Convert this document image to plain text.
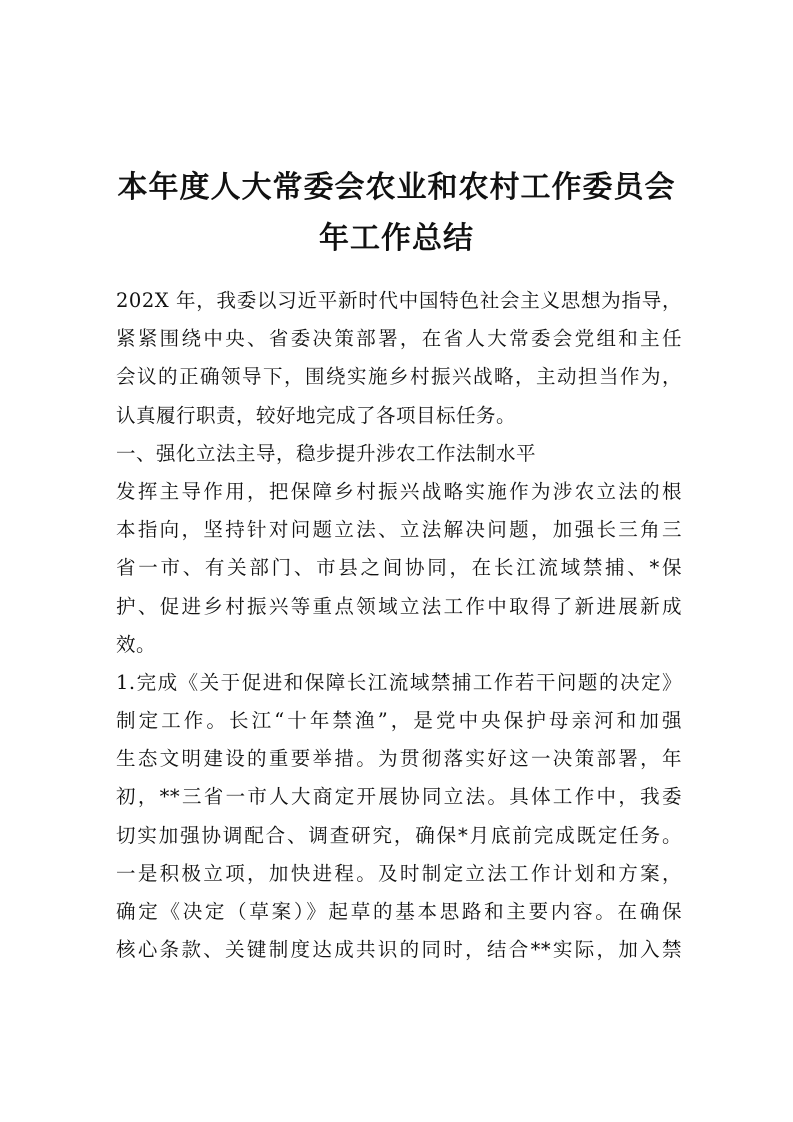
本年度人大常委会农业和农村工作委员会
年工作总结
202X 年，我委以习近平新时代中国特色社会主义思想为指导，
紧紧围绕中央、省委决策部署，在省人大常委会党组和主任
会议的正确领导下，围绕实施乡村振兴战略，主动担当作为，
认真履行职责，较好地完成了各项目标任务。
一、强化立法主导，稳步提升涉农工作法制水平
发挥主导作用，把保障乡村振兴战略实施作为涉农立法的根
本指向，坚持针对问题立法、立法解决问题，加强长三角三
省一市、有关部门、市县之间协同，在长江流域禁捕、*保
护、促进乡村振兴等重点领域立法工作中取得了新进展新成
效。
1.完成《关于促进和保障长江流域禁捕工作若干问题的决定》
制定工作。长江“十年禁渔”，是党中央保护母亲河和加强
生态文明建设的重要举措。为贯彻落实好这一决策部署，年
初，**三省一市人大商定开展协同立法。具体工作中，我委
切实加强协调配合、调查研究，确保*月底前完成既定任务。
一是积极立项，加快进程。及时制定立法工作计划和方案，
确定《决定（草案）》起草的基本思路和主要内容。在确保
核心条款、关键制度达成共识的同时，结合**实际，加入禁
